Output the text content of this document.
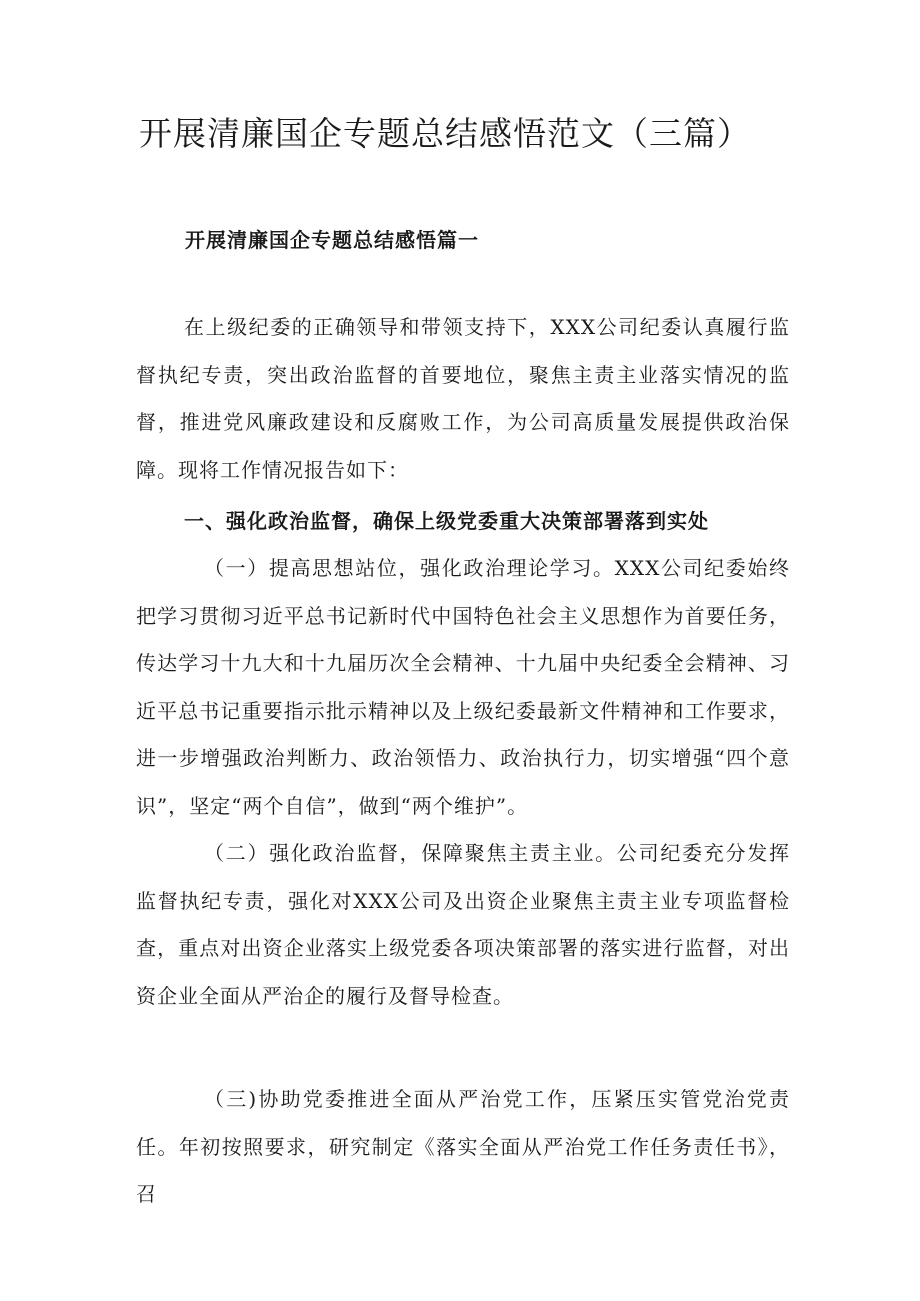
开展清廉国企专题总结感悟范文（三篇）
开展清廉国企专题总结感悟篇一

在上级纪委的正确领导和带领支持下，XXX公司纪委认真履行监督执纪专责，突出政治监督的首要地位，聚焦主责主业落实情况的监督，推进党风廉政建设和反腐败工作，为公司高质量发展提供政治保障。现将工作情况报告如下：

一、强化政治监督，确保上级党委重大决策部署落到实处

（一）提高思想站位，强化政治理论学习。XXX公司纪委始终把学习贯彻习近平总书记新时代中国特色社会主义思想作为首要任务，传达学习十九大和十九届历次全会精神、十九届中央纪委全会精神、习近平总书记重要指示批示精神以及上级纪委最新文件精神和工作要求，进一步增强政治判断力、政治领悟力、政治执行力，切实增强“四个意识”，坚定“两个自信”，做到“两个维护”。

（二）强化政治监督，保障聚焦主责主业。公司纪委充分发挥监督执纪专责，强化对XXX公司及出资企业聚焦主责主业专项监督检查，重点对出资企业落实上级党委各项决策部署的落实进行监督，对出资企业全面从严治企的履行及督导检查。

（三)协助党委推进全面从严治党工作，压紧压实管党治党责任。年初按照要求，研究制定《落实全面从严治党工作任务责任书》，召
